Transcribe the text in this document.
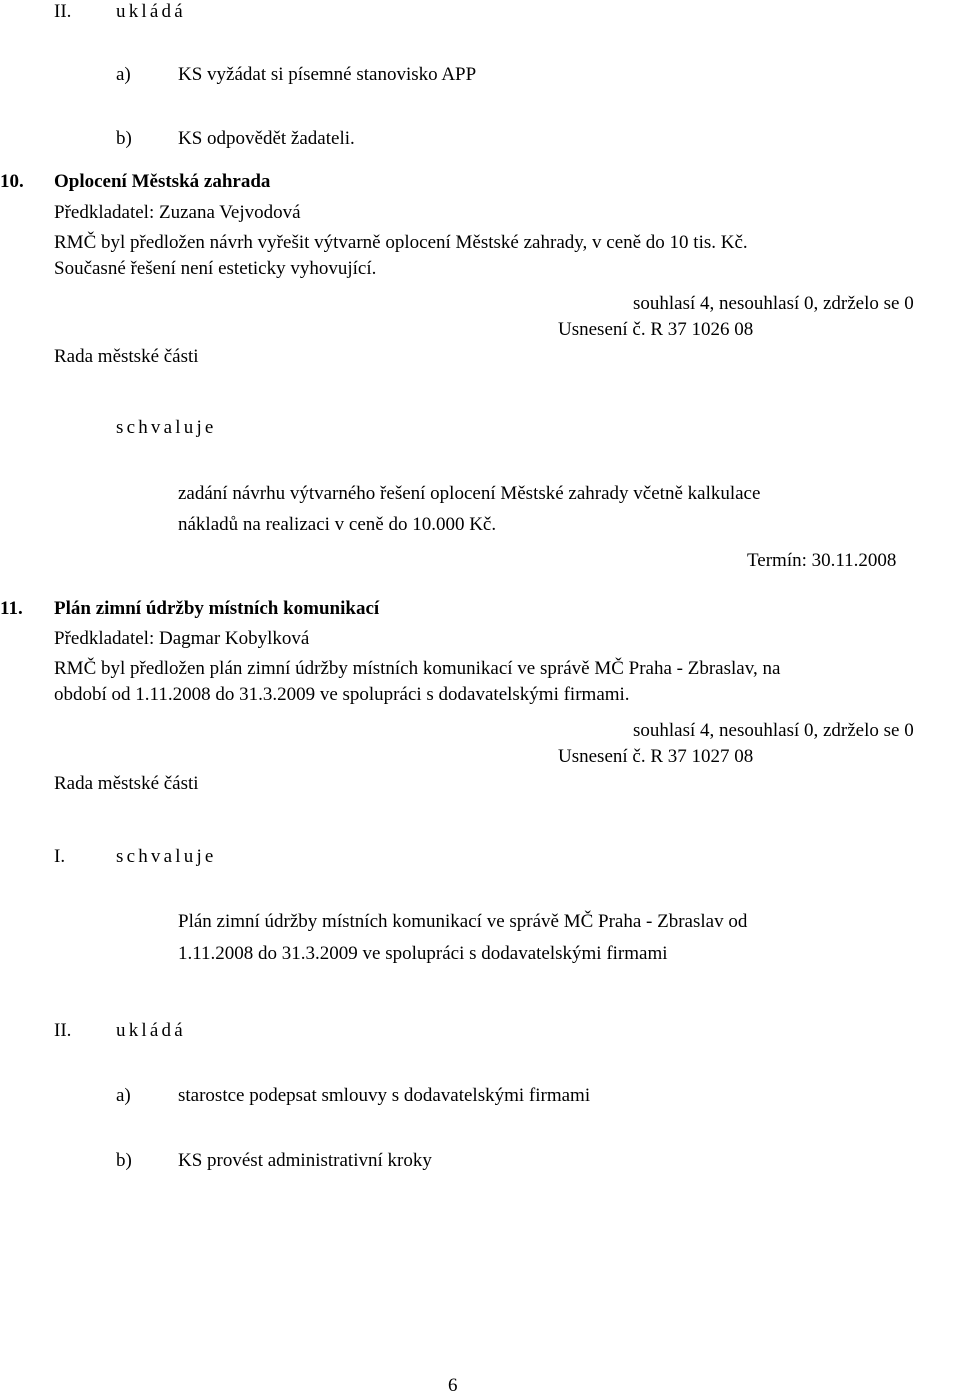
II. ukládá
a) KS vyžádat si písemné stanovisko APP
b) KS odpovědět žadateli.
10. Oplocení Městská zahrada
Předkladatel: Zuzana Vejvodová
RMČ byl předložen návrh vyřešit výtvarně oplocení Městské zahrady, v ceně do 10 tis. Kč.
Současné řešení není esteticky vyhovující.
souhlasí 4, nesouhlasí 0, zdrželo se 0
Usnesení č. R 37 1026 08
Rada městské části
schvaluje
zadání návrhu výtvarného řešení oplocení Městské zahrady včetně kalkulace
nákladů na realizaci v ceně do 10.000 Kč.
Termín: 30.11.2008
11. Plán zimní údržby místních komunikací
Předkladatel: Dagmar Kobylková
RMČ byl předložen plán zimní údržby místních komunikací ve správě MČ Praha - Zbraslav, na
období od 1.11.2008 do 31.3.2009 ve spolupráci s dodavatelskými firmami.
souhlasí 4, nesouhlasí 0, zdrželo se 0
Usnesení č. R 37 1027 08
Rada městské části
I.	schvaluje
Plán zimní údržby místních komunikací ve správě MČ Praha - Zbraslav od
1.11.2008 do 31.3.2009 ve spolupráci s dodavatelskými firmami
II. ukládá
a) starostce podepsat smlouvy s dodavatelskými firmami
b) KS provést administrativní kroky
6
